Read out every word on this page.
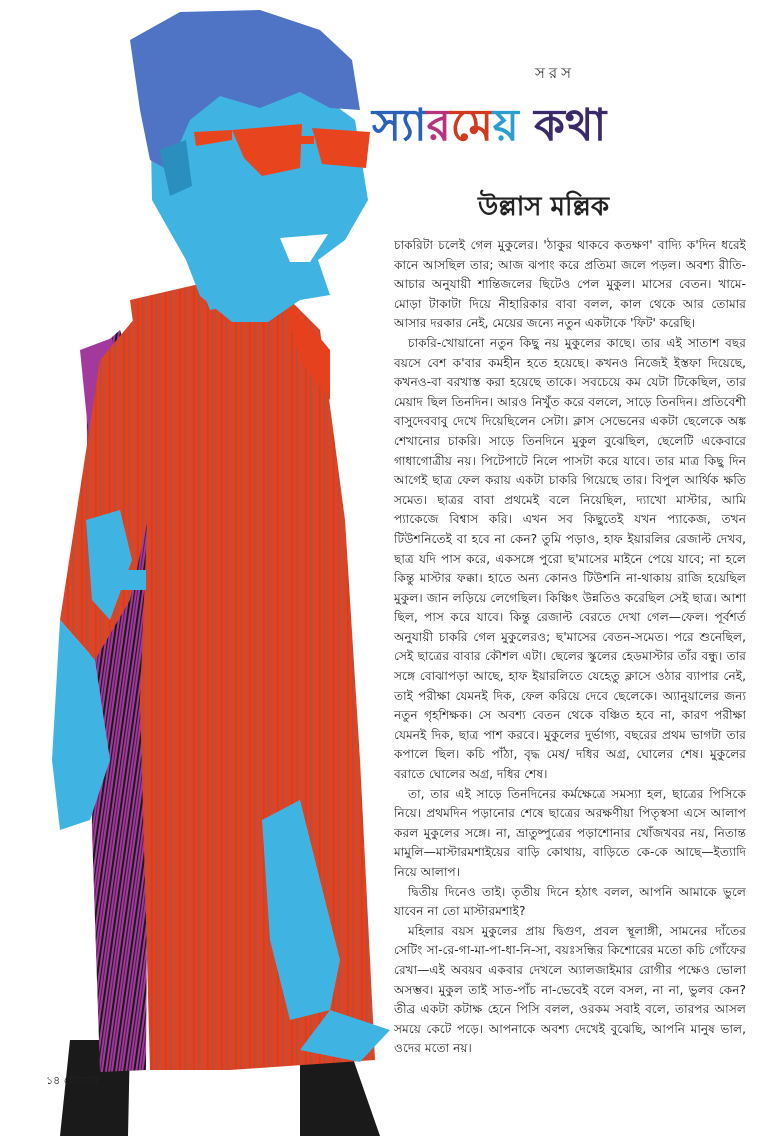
সরস
স্যারমেয় কথা
উল্লাস মল্লিক

চাকরিটা চলেই গেল মুকুলের। 'ঠাকুর থাকবে কতক্ষণ' বাদ্যি ক'দিন ধরেই কানে আসছিল তার; আজ ঝপাং করে প্রতিমা জলে পড়ল। অবশ্য রীতি-আচার অনুযায়ী শান্তিজলের ছিটেও পেল মুকুল। মাসের বেতন। খামে-মোড়া টাকাটা দিয়ে নীহারিকার বাবা বলল, কাল থেকে আর তোমার আসার দরকার নেই, মেয়ের জন্যে নতুন একটাকে 'ফিট' করেছি।

চাকরি-খোয়ানো নতুন কিছু নয় মুকুলের কাছে। তার এই সাতাশ বছর বয়সে বেশ ক'বার কমহীন হতে হয়েছে। কখনও নিজেই ইস্তফা দিয়েছে, কখনও-বা বরখাস্ত করা হয়েছে তাকে। সবচেয়ে কম যেটা টিকেছিল, তার মেয়াদ ছিল তিনদিন। আরও নিখুঁত করে বললে, সাড়ে তিনদিন। প্রতিবেশী বাসুদেববাবু দেখে দিয়েছিলেন সেটা। ক্লাস সেভেনের একটা ছেলেকে অঙ্ক শেখানোর চাকরি। সাড়ে তিনদিনে মুকুল বুঝেছিল, ছেলেটি একেবারে গাধাগোত্রীয় নয়। পিটেপাটে নিলে পাসটা করে যাবে। তার মাত্র কিছু দিন আগেই ছাত্র ফেল করায় একটা চাকরি গিয়েছে তার। বিপুল আর্থিক ক্ষতি সমেত। ছাত্রর বাবা প্রথমেই বলে নিয়েছিল, দ্যাখো মাস্টার, আমি প্যাকেজে বিশ্বাস করি। এখন সব কিছুতেই যখন প্যাকেজ, তখন টিউশনিতেই বা হবে না কেন? তুমি পড়াও, হাফ ইয়ারলির রেজাল্ট দেখব, ছাত্র যদি পাস করে, একসঙ্গে পুরো ছ'মাসের মাইনে পেয়ে যাবে; না হলে কিন্তু মাস্টার ফক্কা। হাতে অন্য কোনও টিউশনি না-থাকায় রাজি হয়েছিল মুকুল। জান লড়িয়ে লেগেছিল। কিঞ্চিৎ উন্নতিও করেছিল সেই ছাত্র। আশা ছিল, পাস করে যাবে। কিন্তু রেজাল্ট বেরতে দেখা গেল—ফেল। পূর্বশর্ত অনুযায়ী চাকরি গেল মুকুলেরও; ছ'মাসের বেতন-সমেত। পরে শুনেছিল, সেই ছাত্রের বাবার কৌশল এটা। ছেলের স্কুলের হেডমাস্টার তাঁর বন্ধু। তার সঙ্গে বোঝাপড়া আছে, হাফ ইয়ারলিতে যেহেতু ক্লাসে ওঠার ব্যাপার নেই, তাই পরীক্ষা যেমনই দিক, ফেল করিয়ে দেবে ছেলেকে। অ্যানুয়ালের জন্য নতুন গৃহশিক্ষক। সে অবশ্য বেতন থেকে বঞ্চিত হবে না, কারণ পরীক্ষা যেমনই দিক, ছাত্র পাশ করবে। মুকুলের দুর্ভাগ্য, বছরের প্রথম ভাগটা তার কপালে ছিল। কচি পাঁঠা, বৃদ্ধ মেষ/ দধির অগ্র, ঘোলের শেষ। মুকুলের বরাতে ঘোলের অগ্র, দধির শেষ।

তা, তার এই সাড়ে তিনদিনের কর্মক্ষেত্রে সমস্যা হল, ছাত্রের পিসিকে নিয়ে। প্রথমদিন পড়ানোর শেষে ছাত্রের অরক্ষণীয়া পিতৃস্বসা এসে আলাপ করল মুকুলের সঙ্গে। না, ভ্রাতুষ্পুত্রের পড়াশোনার খোঁজখবর নয়, নিতান্ত মামুলি—মাস্টারমশাইয়ের বাড়ি কোথায়, বাড়িতে কে-কে আছে—ইত্যাদি নিয়ে আলাপ।

দ্বিতীয় দিনেও তাই। তৃতীয় দিনে হঠাৎ বলল, আপনি আমাকে ভুলে যাবেন না তো মাস্টারমশাই?

মহিলার বয়স মুকুলের প্রায় দ্বিগুণ, প্রবল স্থূলাঙ্গী, সামনের দাঁতের সেটিং সা-রে-গা-মা-পা-ধা-নি-সা, বয়ঃসন্ধির কিশোরের মতো কচি গোঁফের রেখা—এই অবয়ব একবার দেখলে অ্যালজাইমার রোগীর পক্ষেও ভোলা অসম্ভব। মুকুল তাই সাত-পাঁচ না-ভেবেই বলে বসল, না না, ভুলব কেন? তীব্র একটা কটাক্ষ হেনে পিসি বলল, ওরকম সবাই বলে, তারপর আসল সময়ে কেটে পড়ে। আপনাকে অবশ্য দেখেই বুঝেছি, আপনি মানুষ ভাল, ওদের মতো নয়।

১৪ রোববার
